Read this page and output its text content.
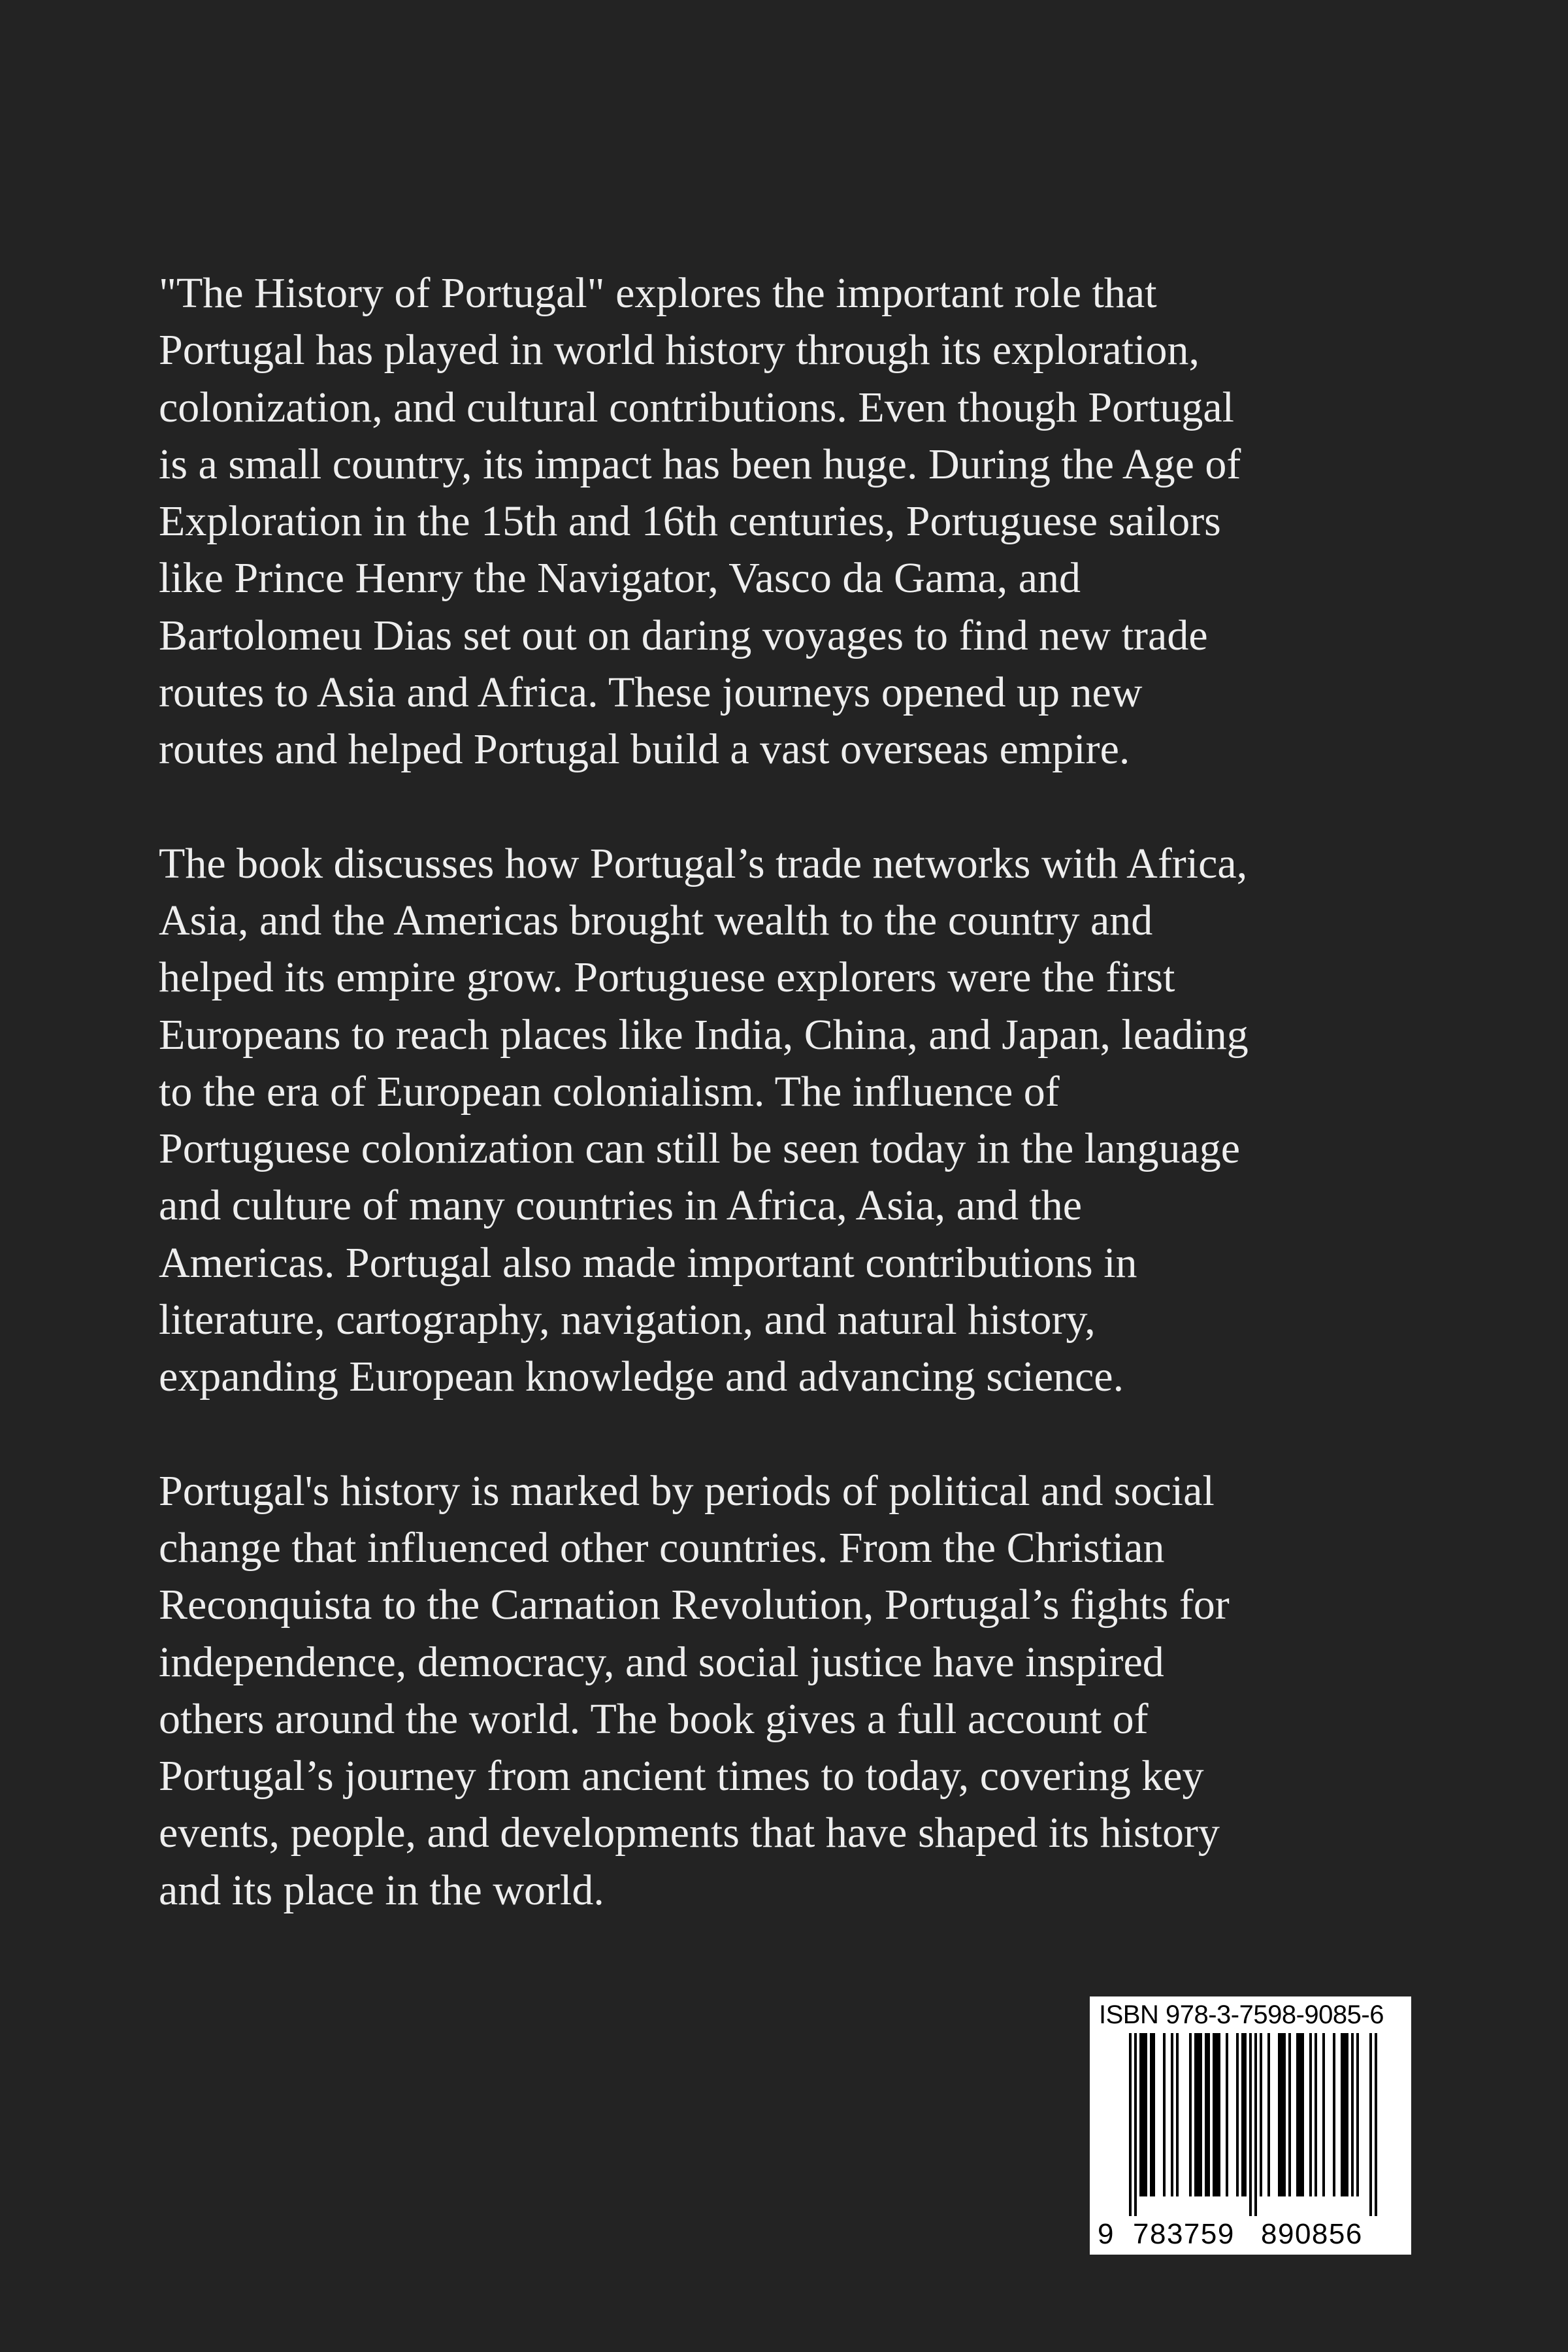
"The History of Portugal" explores the important role that
Portugal has played in world history through its exploration,
colonization, and cultural contributions. Even though Portugal
is a small country, its impact has been huge. During the Age of
Exploration in the 15th and 16th centuries, Portuguese sailors
like Prince Henry the Navigator, Vasco da Gama, and
Bartolomeu Dias set out on daring voyages to find new trade
routes to Asia and Africa. These journeys opened up new
routes and helped Portugal build a vast overseas empire.

The book discusses how Portugal’s trade networks with Africa,
Asia, and the Americas brought wealth to the country and
helped its empire grow. Portuguese explorers were the first
Europeans to reach places like India, China, and Japan, leading
to the era of European colonialism. The influence of
Portuguese colonization can still be seen today in the language
and culture of many countries in Africa, Asia, and the
Americas. Portugal also made important contributions in
literature, cartography, navigation, and natural history,
expanding European knowledge and advancing science.

Portugal's history is marked by periods of political and social
change that influenced other countries. From the Christian
Reconquista to the Carnation Revolution, Portugal’s fights for
independence, democracy, and social justice have inspired
others around the world. The book gives a full account of
Portugal’s journey from ancient times to today, covering key
events, people, and developments that have shaped its history
and its place in the world.

ISBN 978-3-7598-9085-6
9 783759 890856
